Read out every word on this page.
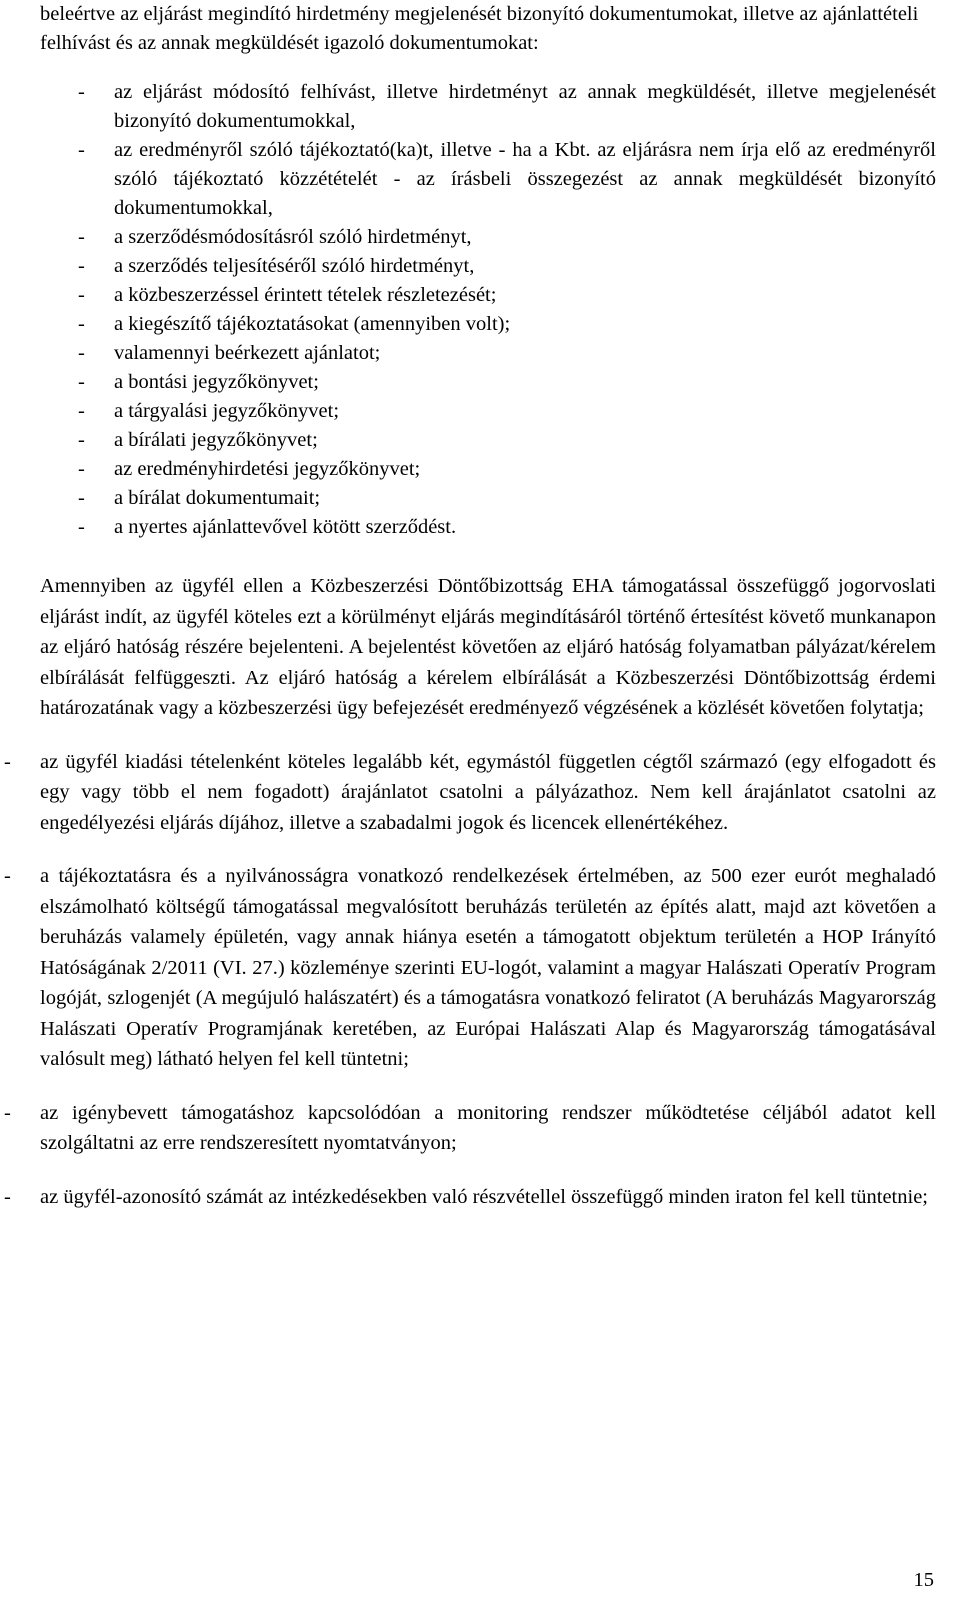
beleértve az eljárást megindító hirdetmény megjelenését bizonyító dokumentumokat, illetve az ajánlattételi felhívást és az annak megküldését igazoló dokumentumokat:

- az eljárást módosító felhívást, illetve hirdetményt az annak megküldését, illetve megjelenését bizonyító dokumentumokkal,
- az eredményről szóló tájékoztató(ka)t, illetve - ha a Kbt. az eljárásra nem írja elő az eredményről szóló tájékoztató közzétételét - az írásbeli összegezést az annak megküldését bizonyító dokumentumokkal,
- a szerződésmódosításról szóló hirdetményt,
- a szerződés teljesítéséről szóló hirdetményt,
- a közbeszerzéssel érintett tételek részletezését;
- a kiegészítő tájékoztatásokat (amennyiben volt);
- valamennyi beérkezett ajánlatot;
- a bontási jegyzőkönyvet;
- a tárgyalási jegyzőkönyvet;
- a bírálati jegyzőkönyvet;
- az eredményhirdetési jegyzőkönyvet;
- a bírálat dokumentumait;
- a nyertes ajánlattevővel kötött szerződést.

Amennyiben az ügyfél ellen a Közbeszerzési Döntőbizottság EHA támogatással összefüggő jogorvoslati eljárást indít, az ügyfél köteles ezt a körülményt eljárás megindításáról történő értesítést követő munkanapon az eljáró hatóság részére bejelenteni. A bejelentést követően az eljáró hatóság folyamatban pályázat/kérelem elbírálását felfüggeszti. Az eljáró hatóság a kérelem elbírálását a Közbeszerzési Döntőbizottság érdemi határozatának vagy a közbeszerzési ügy befejezését eredményező végzésének a közlését követően folytatja;

- az ügyfél kiadási tételenként köteles legalább két, egymástól független cégtől származó (egy elfogadott és egy vagy több el nem fogadott) árajánlatot csatolni a pályázathoz. Nem kell árajánlatot csatolni az engedélyezési eljárás díjához, illetve a szabadalmi jogok és licencek ellenértékéhez.
- a tájékoztatásra és a nyilvánosságra vonatkozó rendelkezések értelmében, az 500 ezer eurót meghaladó elszámolható költségű támogatással megvalósított beruházás területén az építés alatt, majd azt követően a beruházás valamely épületén, vagy annak hiánya esetén a támogatott objektum területén a HOP Irányító Hatóságának 2/2011 (VI. 27.) közleménye szerinti EU-logót, valamint a magyar Halászati Operatív Program logóját, szlogenjét (A megújuló halászatért) és a támogatásra vonatkozó feliratot (A beruházás Magyarország Halászati Operatív Programjának keretében, az Európai Halászati Alap és Magyarország támogatásával valósult meg) látható helyen fel kell tüntetni;
- az igénybevett támogatáshoz kapcsolódóan a monitoring rendszer működtetése céljából adatot kell szolgáltatni az erre rendszeresített nyomtatványon;
- az ügyfél-azonosító számát az intézkedésekben való részvétellel összefüggő minden iraton fel kell tüntetnie;
15
